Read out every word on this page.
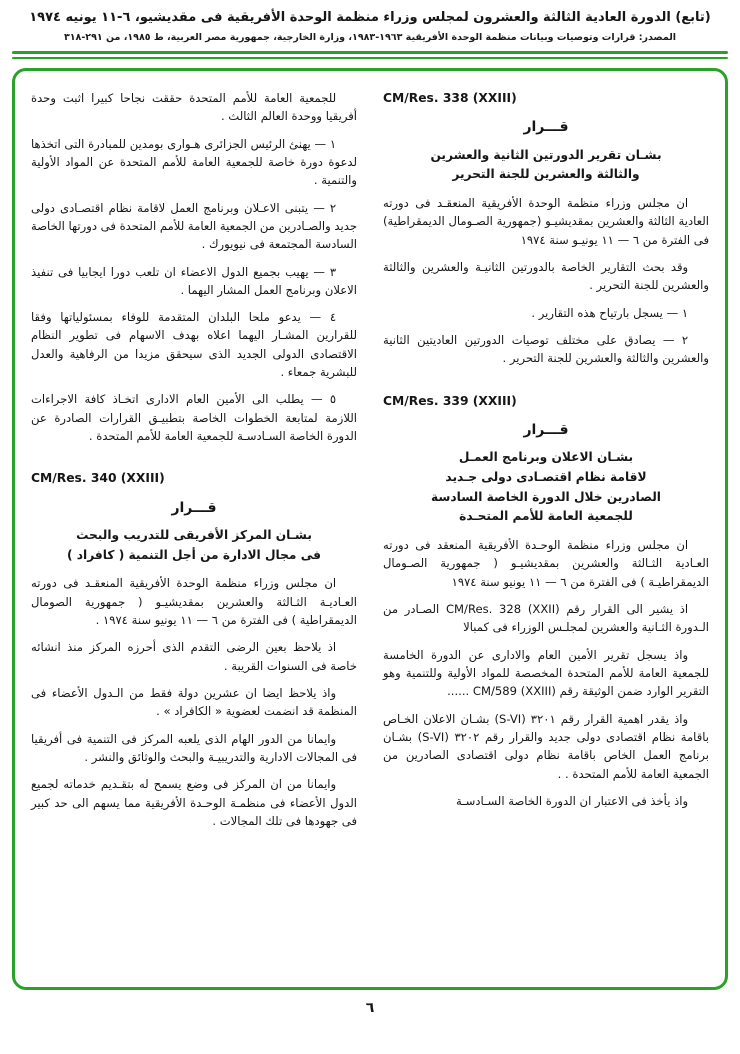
(تابع) الدورة العادية الثالثة والعشرون لمجلس وزراء منظمة الوحدة الأفريقية فى مقديشيو، ٦-١١ يونيه ١٩٧٤
المصدر: قرارات وتوصيات وبيانات منظمة الوحدة الأفريقية ١٩٦٣-١٩٨٣، وزارة الخارجية، جمهورية مصر العربية، ط ١٩٨٥، من ٢٩١-٣١٨
CM/Res. 338 (XXIII)
قـــرار
بشـان تقرير الدورتين الثانية والعشرين
والثالثة والعشرين للجنة التحرير

ان مجلس وزراء منظمة الوحدة الأفريقية المنعقـد فى دورته العادية الثالثة والعشرين بمقديشيـو (جمهورية الصـومال الديمقراطية) فى الفترة من ٦ — ١١ يونيـو سنة ١٩٧٤

وقد بحث التقارير الخاصة بالدورتين الثانيـة والعشرين والثالثة والعشرين للجنة التحرير .

١ — يسجل بارتياح هذه التقارير .

٢ — يصادق على مختلف توصيات الدورتين العاديتين الثانية والعشرين والثالثة والعشرين للجنة التحرير .

CM/Res. 339 (XXIII)
قـــرار
بشـان الاعلان وبرنامج العمـل
لاقامة نظام اقتصـادى دولى جـديد
الصادرين خلال الدورة الخاصة السادسة
للجمعية العامة للأمم المتحـدة

ان مجلس وزراء منظمة الوحـدة الأفريقية المنعقد فى دورته العـادية الثـالثة والعشرين بمقديشيـو ( جمهورية الصـومال الديمقراطيـة ) فى الفترة من ٦ — ١١ يونيو سنة ١٩٧٤

اذ يشير الى القرار رقم CM/Res. 328 (XXII) الصـادر من الـدورة الثـانية والعشرين لمجلـس الوزراء فى كمبالا

واذ يسجل تقرير الأمين العام والادارى عن الدورة الخامسة للجمعية العامة للأمم المتحدة المخصصة للمواد الأولية وللتنمية وهو التقرير الوارد ضمن الوثيقة رقم CM/589 (XXIII) ......

واذ يقدر اهمية القرار رقم ٣٢٠١ (S-VI) بشـان الاعلان الخـاص باقامة نظام اقتصادى دولى جديد والقرار رقم ٣٢٠٢ (S-VI) بشـان برنامج العمل الخاص باقامة نظام دولى اقتصادى الصادرين من الجمعية العامة للأمم المتحدة . .

واذ يأخذ فى الاعتبار ان الدورة الخاصة السـادسـة

للجمعية العامة للأمم المتحدة حققت نجاحا كبيرا اثبت وحدة أفريقيا ووحدة العالم الثالث .

١ — يهنئ الرئيس الجزائرى هـوارى بومدين للمبادرة التى اتخذها لدعوة دورة خاصة للجمعية العامة للأمم المتحدة عن المواد الأولية والتنمية .

٢ — يتبنى الاعـلان وبرنامج العمل لاقامة نظام اقتصـادى دولى جديد والصـادرين من الجمعية العامة للأمم المتحدة فى دورتها الخاصة السادسة المجتمعة فى نيويورك .

٣ — يهيب بجميع الدول الاعضاء ان تلعب دورا ايجابيا فى تنفيذ الاعلان وبرنامج العمل المشار اليهما .

٤ — يدعو ملحا البلدان المتقدمة للوفاء بمسئولياتها وفقا للقرارين المشـار اليهما اعلاه بهدف الاسهام فى تطوير النظام الاقتصادى الدولى الجديد الذى سيحقق مزيدا من الرفاهية والعدل للبشرية جمعاء .

٥ — يطلب الى الأمين العام الادارى اتخـاذ كافة الاجراءات اللازمة لمتابعة الخطوات الخاصة بتطبيـق القرارات الصادرة عن الدورة الخاصة السـادسـة للجمعية العامة للأمم المتحدة .

CM/Res. 340 (XXIII)
قـــرار
بشـان المركز الأفريقى للتدريب والبحث
فى مجال الادارة من أجل التنمية ( كافراد )

ان مجلس وزراء منظمة الوحدة الأفريقية المنعقـد فى دورته العـاديـة الثـالثة والعشرين بمقديشيـو ( جمهورية الصومال الديمقراطية ) فى الفترة من ٦ — ١١ يونيو سنة ١٩٧٤ .

اذ يلاحظ بعين الرضى التقدم الذى أحرزه المركز منذ انشائه خاصة فى السنوات القريبة .

واذ يلاحظ ايضا ان عشرين دولة فقط من الـدول الأعضاء فى المنظمة قد انضمت لعضوية « الكافراد » .

وايمانا من الدور الهام الذى يلعبه المركز فى التنمية فى أفريقيا فى المجالات الادارية والتدريبيـة والبحث والوثائق والنشر .

وايمانا من ان المركز فى وضع يسمح له بتقـديم خدماته لجميع الدول الأعضاء فى منظمـة الوحـدة الأفريقية مما يسهم الى حد كبير فى جهودها فى تلك المجالات .

٦
